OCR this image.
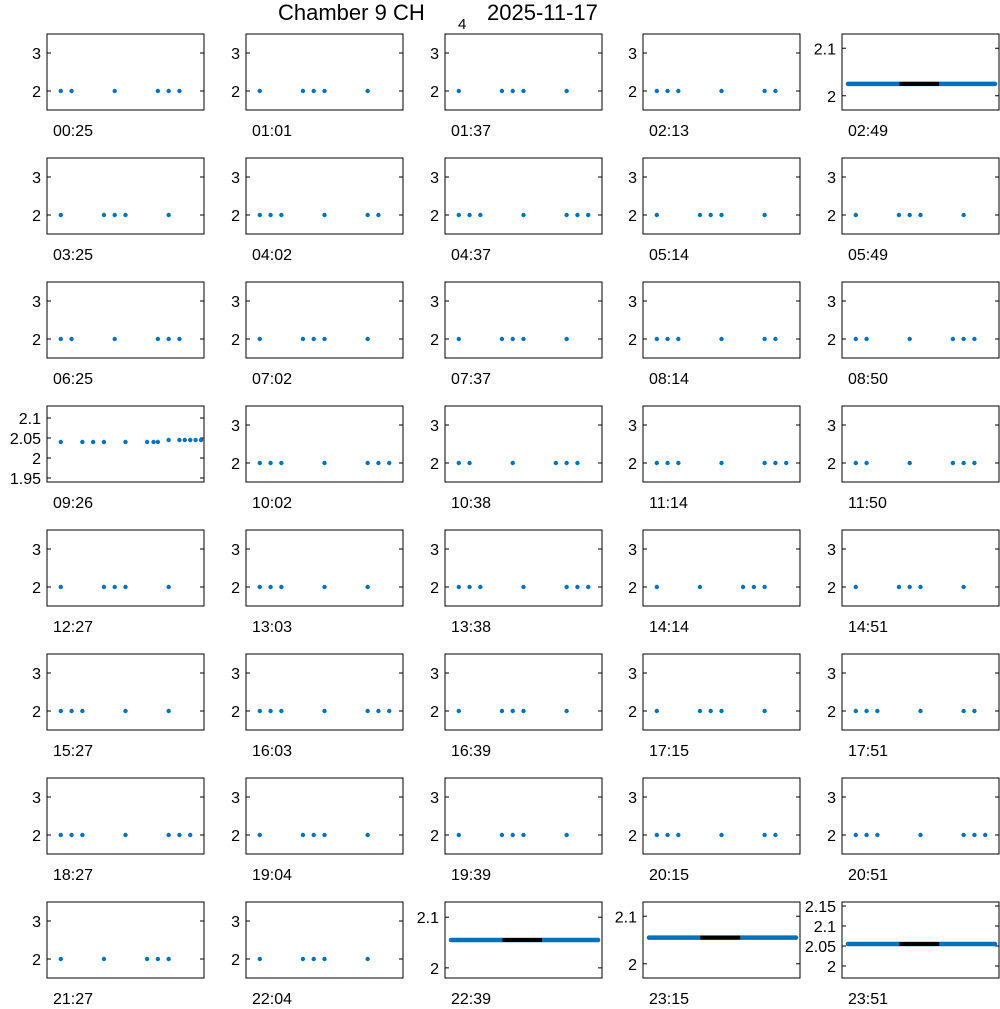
Chamber 9 CH 4 2025-11-17
2
3
00:25
2
3
01:01
2
3
01:37
2
3
02:13
2
2.1
02:49
2
3
03:25
2
3
04:02
2
3
04:37
2
3
05:14
2
3
05:49
2
3
06:25
2
3
07:02
2
3
07:37
2
3
08:14
2
3
08:50
1.95
2
2.05
2.1
09:26
2
3
10:02
2
3
10:38
2
3
11:14
2
3
11:50
2
3
12:27
2
3
13:03
2
3
13:38
2
3
14:14
2
3
14:51
2
3
15:27
2
3
16:03
2
3
16:39
2
3
17:15
2
3
17:51
2
3
18:27
2
3
19:04
2
3
19:39
2
3
20:15
2
3
20:51
2
3
21:27
2
3
22:04
2
2.1
22:39
2
2.1
23:15
2
2.05
2.1
2.15
23:51
